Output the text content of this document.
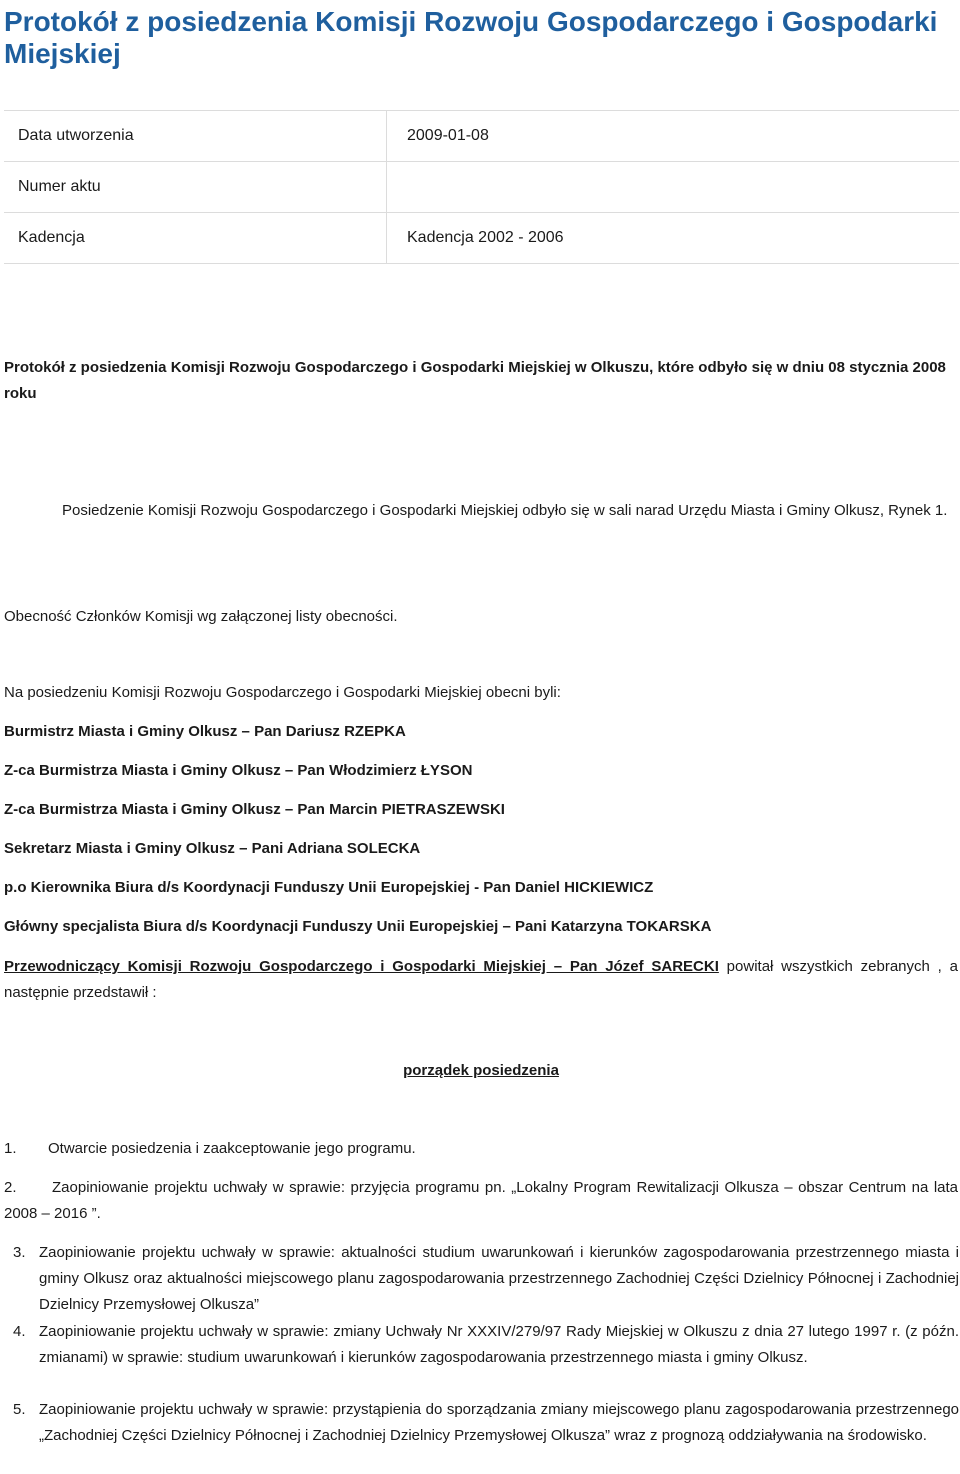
Protokół z posiedzenia Komisji Rozwoju Gospodarczego i Gospodarki Miejskiej
Data utworzenia	2009-01-08
Numer aktu	
Kadencja	Kadencja 2002 - 2006

Protokół z posiedzenia Komisji Rozwoju Gospodarczego i Gospodarki Miejskiej w Olkuszu, które odbyło się w dniu 08 stycznia 2008 roku

Posiedzenie Komisji Rozwoju Gospodarczego i Gospodarki Miejskiej odbyło się w sali narad Urzędu Miasta i Gminy Olkusz, Rynek 1.

Obecność Członków Komisji wg załączonej listy obecności.

Na posiedzeniu Komisji Rozwoju Gospodarczego i Gospodarki Miejskiej obecni byli:

Burmistrz Miasta i Gminy Olkusz – Pan Dariusz RZEPKA

Z-ca Burmistrza Miasta i Gminy Olkusz – Pan Włodzimierz ŁYSON

Z-ca Burmistrza Miasta i Gminy Olkusz – Pan Marcin PIETRASZEWSKI

Sekretarz Miasta i Gminy Olkusz – Pani Adriana SOLECKA

p.o Kierownika Biura d/s Koordynacji Funduszy Unii Europejskiej - Pan Daniel HICKIEWICZ

Główny specjalista Biura d/s Koordynacji Funduszy Unii Europejskiej – Pani Katarzyna TOKARSKA

Przewodniczący Komisji Rozwoju Gospodarczego i Gospodarki Miejskiej – Pan Józef SARECKI powitał wszystkich zebranych , a następnie przedstawił :

porządek posiedzenia

1. Otwarcie posiedzenia i zaakceptowanie jego programu.

2. Zaopiniowanie projektu uchwały w sprawie: przyjęcia programu pn. „Lokalny Program Rewitalizacji Olkusza – obszar Centrum na lata 2008 – 2016 ”.

3. Zaopiniowanie projektu uchwały w sprawie: aktualności studium uwarunkowań i kierunków zagospodarowania przestrzennego miasta i gminy Olkusz oraz aktualności miejscowego planu zagospodarowania przestrzennego Zachodniej Części Dzielnicy Północnej i Zachodniej Dzielnicy Przemysłowej Olkusza”
4. Zaopiniowanie projektu uchwały w sprawie: zmiany Uchwały Nr XXXIV/279/97 Rady Miejskiej w Olkuszu z dnia 27 lutego 1997 r. (z późn. zmianami) w sprawie: studium uwarunkowań i kierunków zagospodarowania przestrzennego miasta i gminy Olkusz.
5. Zaopiniowanie projektu uchwały w sprawie: przystąpienia do sporządzania zmiany miejscowego planu zagospodarowania przestrzennego „Zachodniej Części Dzielnicy Północnej i Zachodniej Dzielnicy Przemysłowej Olkusza” wraz z prognozą oddziaływania na środowisko.
